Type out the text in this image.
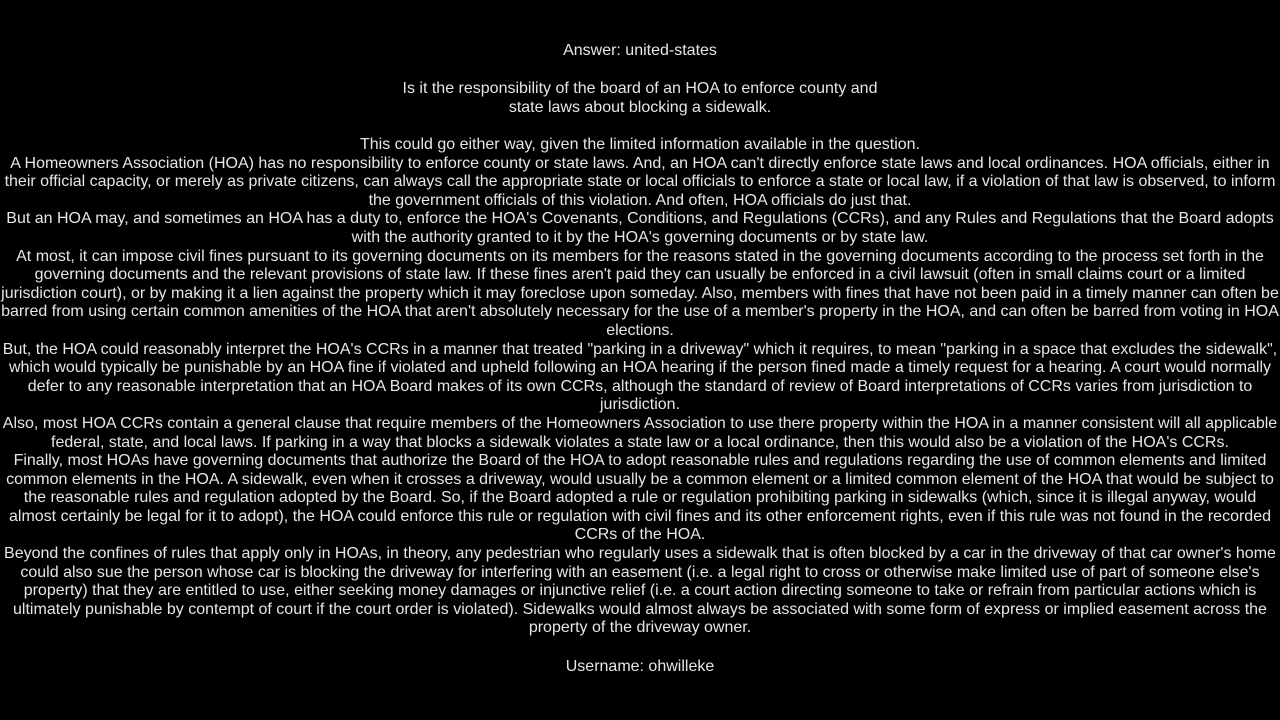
Answer: united-states
Is it the responsibility of the board of an HOA to enforce county and state laws about blocking a sidewalk.

This could go either way, given the limited information available in the question.

A Homeowners Association (HOA) has no responsibility to enforce county or state laws. And, an HOA can't directly enforce state laws and local ordinances. HOA officials, either in their official capacity, or merely as private citizens, can always call the appropriate state or local officials to enforce a state or local law, if a violation of that law is observed, to inform the government officials of this violation. And often, HOA officials do just that.

But an HOA may, and sometimes an HOA has a duty to, enforce the HOA's Covenants, Conditions, and Regulations (CCRs), and any Rules and Regulations that the Board adopts with the authority granted to it by the HOA's governing documents or by state law.

At most, it can impose civil fines pursuant to its governing documents on its members for the reasons stated in the governing documents according to the process set forth in the governing documents and the relevant provisions of state law. If these fines aren't paid they can usually be enforced in a civil lawsuit (often in small claims court or a limited jurisdiction court), or by making it a lien against the property which it may foreclose upon someday. Also, members with fines that have not been paid in a timely manner can often be barred from using certain common amenities of the HOA that aren't absolutely necessary for the use of a member's property in the HOA, and can often be barred from voting in HOA elections.

But, the HOA could reasonably interpret the HOA's CCRs in a manner that treated "parking in a driveway" which it requires, to mean "parking in a space that excludes the sidewalk", which would typically be punishable by an HOA fine if violated and upheld following an HOA hearing if the person fined made a timely request for a hearing. A court would normally defer to any reasonable interpretation that an HOA Board makes of its own CCRs, although the standard of review of Board interpretations of CCRs varies from jurisdiction to jurisdiction.

Also, most HOA CCRs contain a general clause that require members of the Homeowners Association to use there property within the HOA in a manner consistent will all applicable federal, state, and local laws. If parking in a way that blocks a sidewalk violates a state law or a local ordinance, then this would also be a violation of the HOA's CCRs.

Finally, most HOAs have governing documents that authorize the Board of the HOA to adopt reasonable rules and regulations regarding the use of common elements and limited common elements in the HOA. A sidewalk, even when it crosses a driveway, would usually be a common element or a limited common element of the HOA that would be subject to the reasonable rules and regulation adopted by the Board. So, if the Board adopted a rule or regulation prohibiting parking in sidewalks (which, since it is illegal anyway, would almost certainly be legal for it to adopt), the HOA could enforce this rule or regulation with civil fines and its other enforcement rights, even if this rule was not found in the recorded CCRs of the HOA.

Beyond the confines of rules that apply only in HOAs, in theory, any pedestrian who regularly uses a sidewalk that is often blocked by a car in the driveway of that car owner's home could also sue the person whose car is blocking the driveway for interfering with an easement (i.e. a legal right to cross or otherwise make limited use of part of someone else's property) that they are entitled to use, either seeking money damages or injunctive relief (i.e. a court action directing someone to take or refrain from particular actions which is ultimately punishable by contempt of court if the court order is violated). Sidewalks would almost always be associated with some form of express or implied easement across the property of the driveway owner.

Username: ohwilleke
